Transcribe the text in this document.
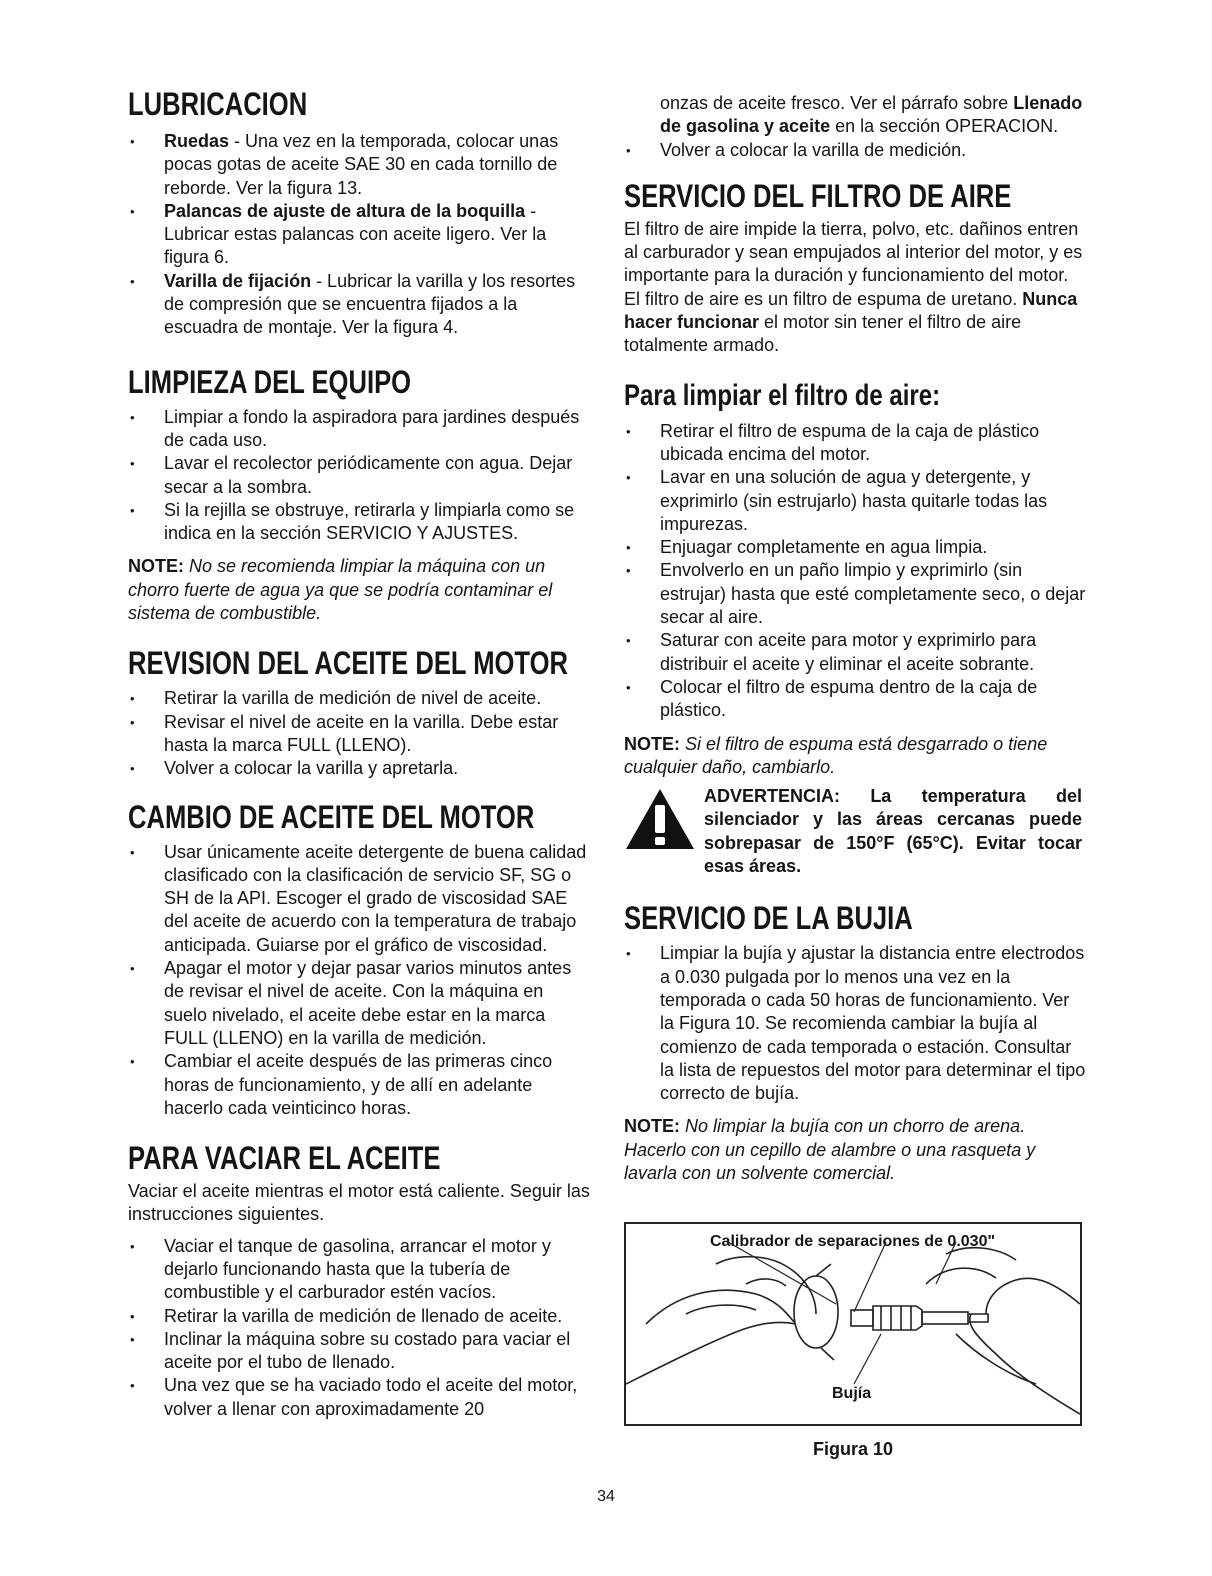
LUBRICACION
• Ruedas - Una vez en la temporada, colocar unas pocas gotas de aceite SAE 30 en cada tornillo de reborde. Ver la figura 13.
• Palancas de ajuste de altura de la boquilla - Lubricar estas palancas con aceite ligero. Ver la figura 6.
• Varilla de fijación - Lubricar la varilla y los resortes de compresión que se encuentra fijados a la escuadra de montaje. Ver la figura 4.
LIMPIEZA DEL EQUIPO
• Limpiar a fondo la aspiradora para jardines después de cada uso.
• Lavar el recolector periódicamente con agua. Dejar secar a la sombra.
• Si la rejilla se obstruye, retirarla y limpiarla como se indica en la sección SERVICIO Y AJUSTES.

NOTE: No se recomienda limpiar la máquina con un chorro fuerte de agua ya que se podría contaminar el sistema de combustible.

REVISION DEL ACEITE DEL MOTOR
• Retirar la varilla de medición de nivel de aceite.
• Revisar el nivel de aceite en la varilla. Debe estar hasta la marca FULL (LLENO).
• Volver a colocar la varilla y apretarla.
CAMBIO DE ACEITE DEL MOTOR
• Usar únicamente aceite detergente de buena calidad clasificado con la clasificación de servicio SF, SG o SH de la API. Escoger el grado de viscosidad SAE del aceite de acuerdo con la temperatura de trabajo anticipada. Guiarse por el gráfico de viscosidad.
• Apagar el motor y dejar pasar varios minutos antes de revisar el nivel de aceite. Con la máquina en suelo nivelado, el aceite debe estar en la marca FULL (LLENO) en la varilla de medición.
• Cambiar el aceite después de las primeras cinco horas de funcionamiento, y de allí en adelante hacerlo cada veinticinco horas.
PARA VACIAR EL ACEITE

Vaciar el aceite mientras el motor está caliente. Seguir las instrucciones siguientes.

• Vaciar el tanque de gasolina, arrancar el motor y dejarlo funcionando hasta que la tubería de combustible y el carburador estén vacíos.
• Retirar la varilla de medición de llenado de aceite.
• Inclinar la máquina sobre su costado para vaciar el aceite por el tubo de llenado.
• Una vez que se ha vaciado todo el aceite del motor, volver a llenar con aproximadamente 20

onzas de aceite fresco. Ver el párrafo sobre Llenado de gasolina y aceite en la sección OPERACION.

• Volver a colocar la varilla de medición.
SERVICIO DEL FILTRO DE AIRE

El filtro de aire impide la tierra, polvo, etc. dañinos entren al carburador y sean empujados al interior del motor, y es importante para la duración y funcionamiento del motor. El filtro de aire es un filtro de espuma de uretano. Nunca hacer funcionar el motor sin tener el filtro de aire totalmente armado.

Para limpiar el filtro de aire:
• Retirar el filtro de espuma de la caja de plástico ubicada encima del motor.
• Lavar en una solución de agua y detergente, y exprimirlo (sin estrujarlo) hasta quitarle todas las impurezas.
• Enjuagar completamente en agua limpia.
• Envolverlo en un paño limpio y exprimirlo (sin estrujar) hasta que esté completamente seco, o dejar secar al aire.
• Saturar con aceite para motor y exprimirlo para distribuir el aceite y eliminar el aceite sobrante.
• Colocar el filtro de espuma dentro de la caja de plástico.

NOTE: Si el filtro de espuma está desgarrado o tiene cualquier daño, cambiarlo.

ADVERTENCIA: La temperatura del silenciador y las áreas cercanas puede sobrepasar de 150°F (65°C). Evitar tocar esas áreas.
SERVICIO DE LA BUJIA
• Limpiar la bujía y ajustar la distancia entre electrodos a 0.030 pulgada por lo menos una vez en la temporada o cada 50 horas de funcionamiento. Ver la Figura 10. Se recomienda cambiar la bujía al comienzo de cada temporada o estación. Consultar la lista de repuestos del motor para determinar el tipo correcto de bujía.

NOTE: No limpiar la bujía con un chorro de arena. Hacerlo con un cepillo de alambre o una rasqueta y lavarla con un solvente comercial.

Calibrador de separaciones de 0.030"
Bujía
Figura 10
34
